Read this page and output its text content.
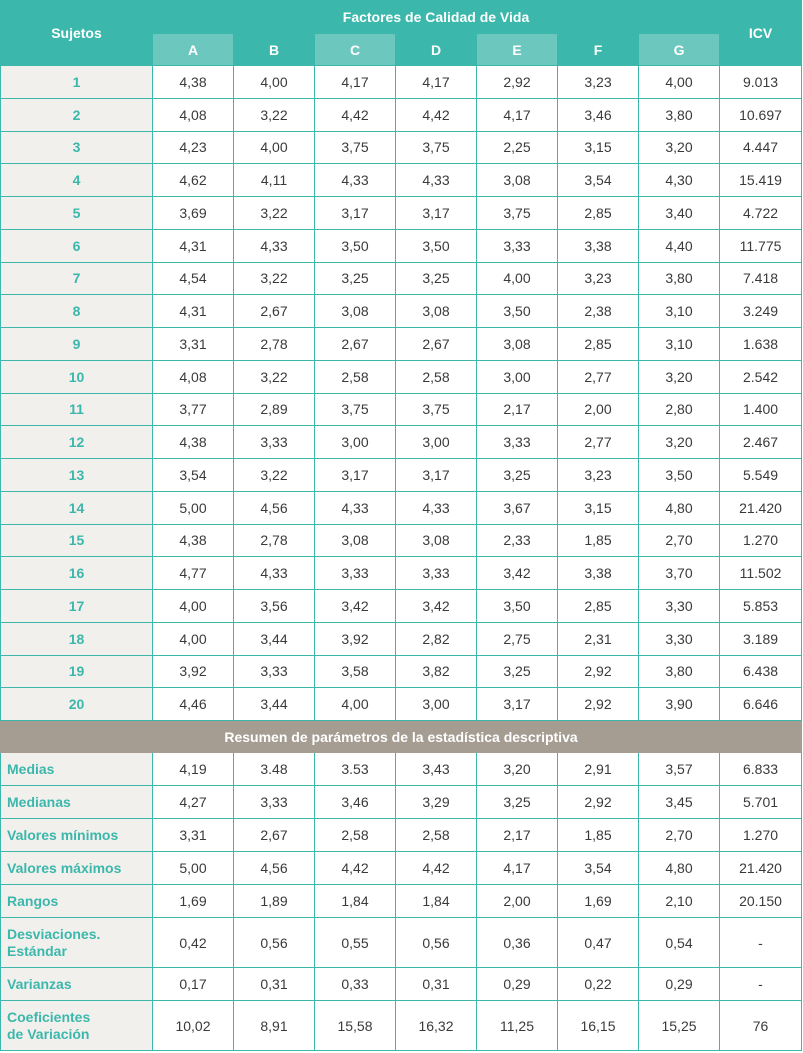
Sujetos	Factores de Calidad de Vida							ICV
	A	B	C	D	E	F	G	
1	4,38	4,00	4,17	4,17	2,92	3,23	4,00	9.013
2	4,08	3,22	4,42	4,42	4,17	3,46	3,80	10.697
3	4,23	4,00	3,75	3,75	2,25	3,15	3,20	4.447
4	4,62	4,11	4,33	4,33	3,08	3,54	4,30	15.419
5	3,69	3,22	3,17	3,17	3,75	2,85	3,40	4.722
6	4,31	4,33	3,50	3,50	3,33	3,38	4,40	11.775
7	4,54	3,22	3,25	3,25	4,00	3,23	3,80	7.418
8	4,31	2,67	3,08	3,08	3,50	2,38	3,10	3.249
9	3,31	2,78	2,67	2,67	3,08	2,85	3,10	1.638
10	4,08	3,22	2,58	2,58	3,00	2,77	3,20	2.542
11	3,77	2,89	3,75	3,75	2,17	2,00	2,80	1.400
12	4,38	3,33	3,00	3,00	3,33	2,77	3,20	2.467
13	3,54	3,22	3,17	3,17	3,25	3,23	3,50	5.549
14	5,00	4,56	4,33	4,33	3,67	3,15	4,80	21.420
15	4,38	2,78	3,08	3,08	2,33	1,85	2,70	1.270
16	4,77	4,33	3,33	3,33	3,42	3,38	3,70	11.502
17	4,00	3,56	3,42	3,42	3,50	2,85	3,30	5.853
18	4,00	3,44	3,92	2,82	2,75	2,31	3,30	3.189
19	3,92	3,33	3,58	3,82	3,25	2,92	3,80	6.438
20	4,46	3,44	4,00	3,00	3,17	2,92	3,90	6.646
Resumen de parámetros de la estadística descriptiva								
Medias	4,19	3.48	3.53	3,43	3,20	2,91	3,57	6.833
Medianas	4,27	3,33	3,46	3,29	3,25	2,92	3,45	5.701
Valores mínimos	3,31	2,67	2,58	2,58	2,17	1,85	2,70	1.270
Valores máximos	5,00	4,56	4,42	4,42	4,17	3,54	4,80	21.420
Rangos	1,69	1,89	1,84	1,84	2,00	1,69	2,10	20.150
Desviaciones.
Estándar	0,42	0,56	0,55	0,56	0,36	0,47	0,54	-
Varianzas	0,17	0,31	0,33	0,31	0,29	0,22	0,29	-
Coeficientes
de Variación	10,02	8,91	15,58	16,32	11,25	16,15	15,25	76
